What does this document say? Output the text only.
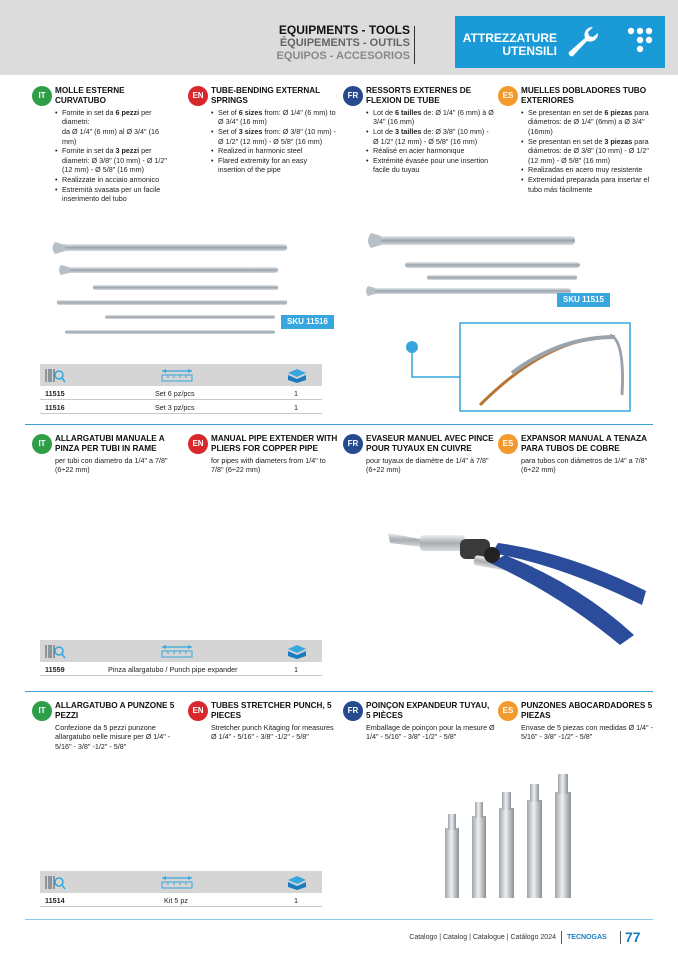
EQUIPMENTS - TOOLS
ÉQUIPEMENTS - OUTILS
EQUIPOS - ACCESORIOS
ATTREZZATURE
UTENSILI
IT
MOLLE ESTERNE CURVATUBO
• Fornite in set da 6 pezzi per diametri:
da Ø 1/4" (6 mm) al Ø 3/4" (16 mm)
• Fornite in set da 3 pezzi per diametri: Ø 3/8" (10 mm) - Ø 1/2" (12 mm) - Ø 5/8" (16 mm)
• Realizzate in acciaio armonico
• Estremità svasata per un facile inserimento del tubo
EN
TUBE-BENDING EXTERNAL SPRINGS
• Set of 6 sizes from: Ø 1/4" (6 mm) to Ø 3/4" (16 mm)
• Set of 3 sizes from: Ø 3/8" (10 mm) - Ø 1/2" (12 mm) - Ø 5/8" (16 mm)
• Realized in harmonic steel
• Flared extremity for an easy insertion of the pipe
FR
RESSORTS EXTERNES DE FLEXION DE TUBE
• Lot de 6 tailles de: Ø 1/4" (6 mm) à Ø 3/4" (16 mm)
• Lot de 3 tailles de: Ø 3/8" (10 mm) - Ø 1/2" (12 mm) - Ø 5/8" (16 mm)
• Réalisé en acier harmonique
• Extrémité évasée pour une insertion facile du tuyau
ES
MUELLES DOBLADORES TUBO EXTERIORES
• Se presentan en set de 6 piezas para diámetros: de Ø 1/4" (6mm) a Ø 3/4" (16mm)
• Se presentan en set de 3 piezas para diámetros: de Ø 3/8" (10 mm) - Ø 1/2" (12 mm) - Ø 5/8" (16 mm)
• Realizadas en acero muy resistente
• Extremidad preparada para insertar el tubo más fácilmente
SKU 11516
SKU 11515
11515	Set 6 pz/pcs	1
11516	Set 3 pz/pcs	1
IT
ALLARGATUBI MANUALE A PINZA PER TUBI IN RAME
per tubi con diametro da 1/4" a 7/8" (6÷22 mm)
EN
MANUAL PIPE EXTENDER WITH PLIERS FOR COPPER PIPE
for pipes with diameters from 1/4" to 7/8" (6÷22 mm)
FR
EVASEUR MANUEL AVEC PINCE POUR TUYAUX EN CUIVRE
pour tuyaux de diamètre de 1/4" à 7/8" (6÷22 mm)
ES
EXPANSOR MANUAL A TENAZA PARA TUBOS DE COBRE
para tubos con diámetros de 1/4" a 7/8" (6÷22 mm)
11559	Pinza allargatubo / Punch pipe expander	1
IT
ALLARGATUBO A PUNZONE 5 PEZZI
Confezione da 5 pezzi punzone allargatubo nelle misure per Ø 1/4" - 5/16" - 3/8" -1/2" - 5/8"
EN
TUBES STRETCHER PUNCH, 5 PIECES
Stretcher punch Kitaging for measures Ø 1/4" - 5/16" - 3/8" -1/2" - 5/8"
FR
POINÇON EXPANDEUR TUYAU, 5 PIÈCES
Emballage de poinçon pour la mesure Ø 1/4" - 5/16" - 3/8" -1/2" - 5/8"
ES
PUNZONES ABOCARDADORES 5 PIEZAS
Envase de 5 piezas con medidas Ø 1/4" - 5/16" - 3/8" -1/2" - 5/8"
11514	Kit 5 pz	1
Catalogo | Catalog | Catalogue | Catálogo 2024 TECNOGAS 77
